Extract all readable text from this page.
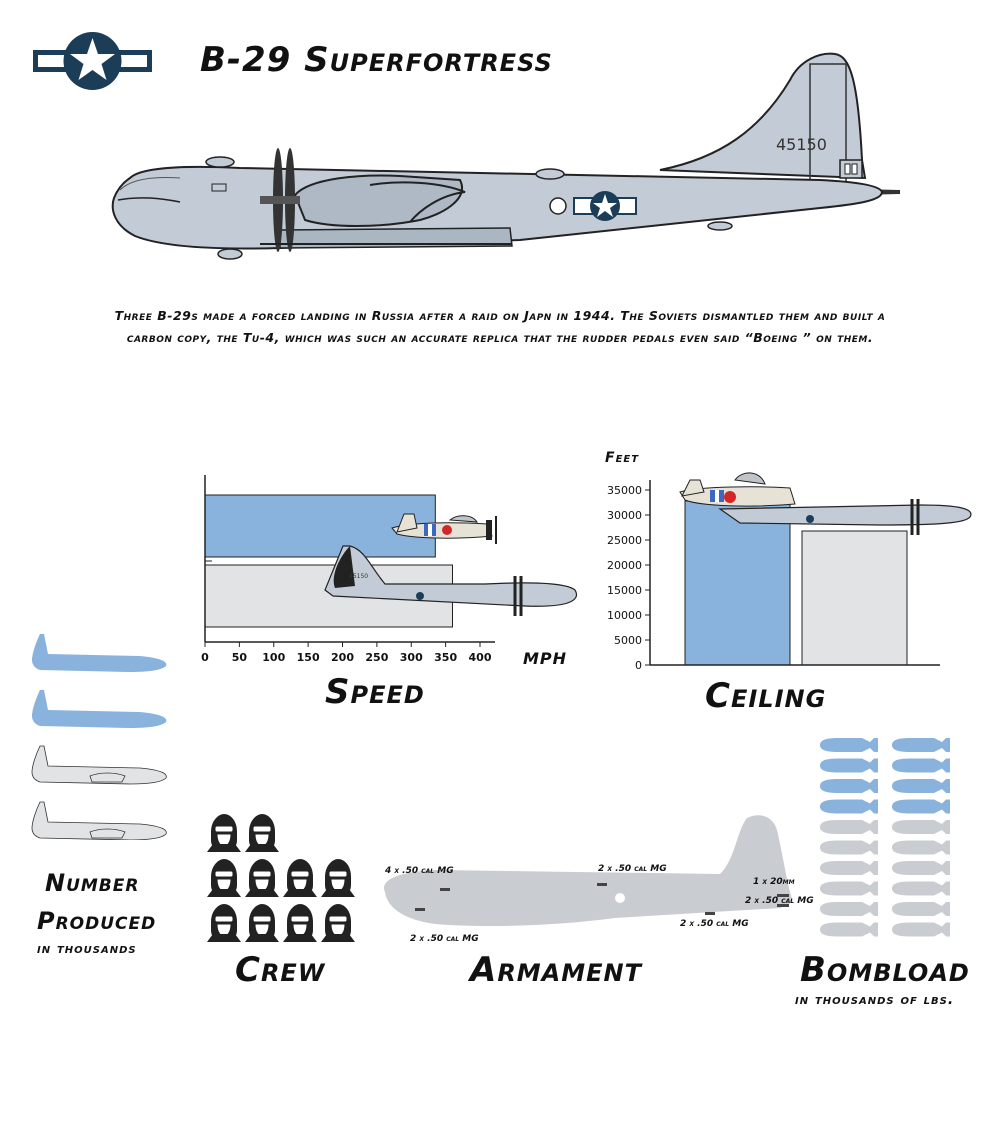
B-29 Superfortress
45150
Three B-29s made a forced landing in Russia after a raid on Japn in 1944. The Soviets dismantled them and built a
carbon copy, the Tu-4, which was such an accurate replica that the rudder pedals even said “Boeing ” on them.
0 50 100 150 200 250 300 350 400
45150
MPH
Speed
Feet
0
5000
10000
15000
20000
25000
30000
35000
Ceiling
Number
Produced
in thousands
Crew
4 x .50 cal MG
2 x .50 cal MG
2 x .50 cal MG
2 x .50 cal MG
1 x 20mm
2 x .50 cal MG
Armament	Bombload
in thousands of lbs.
